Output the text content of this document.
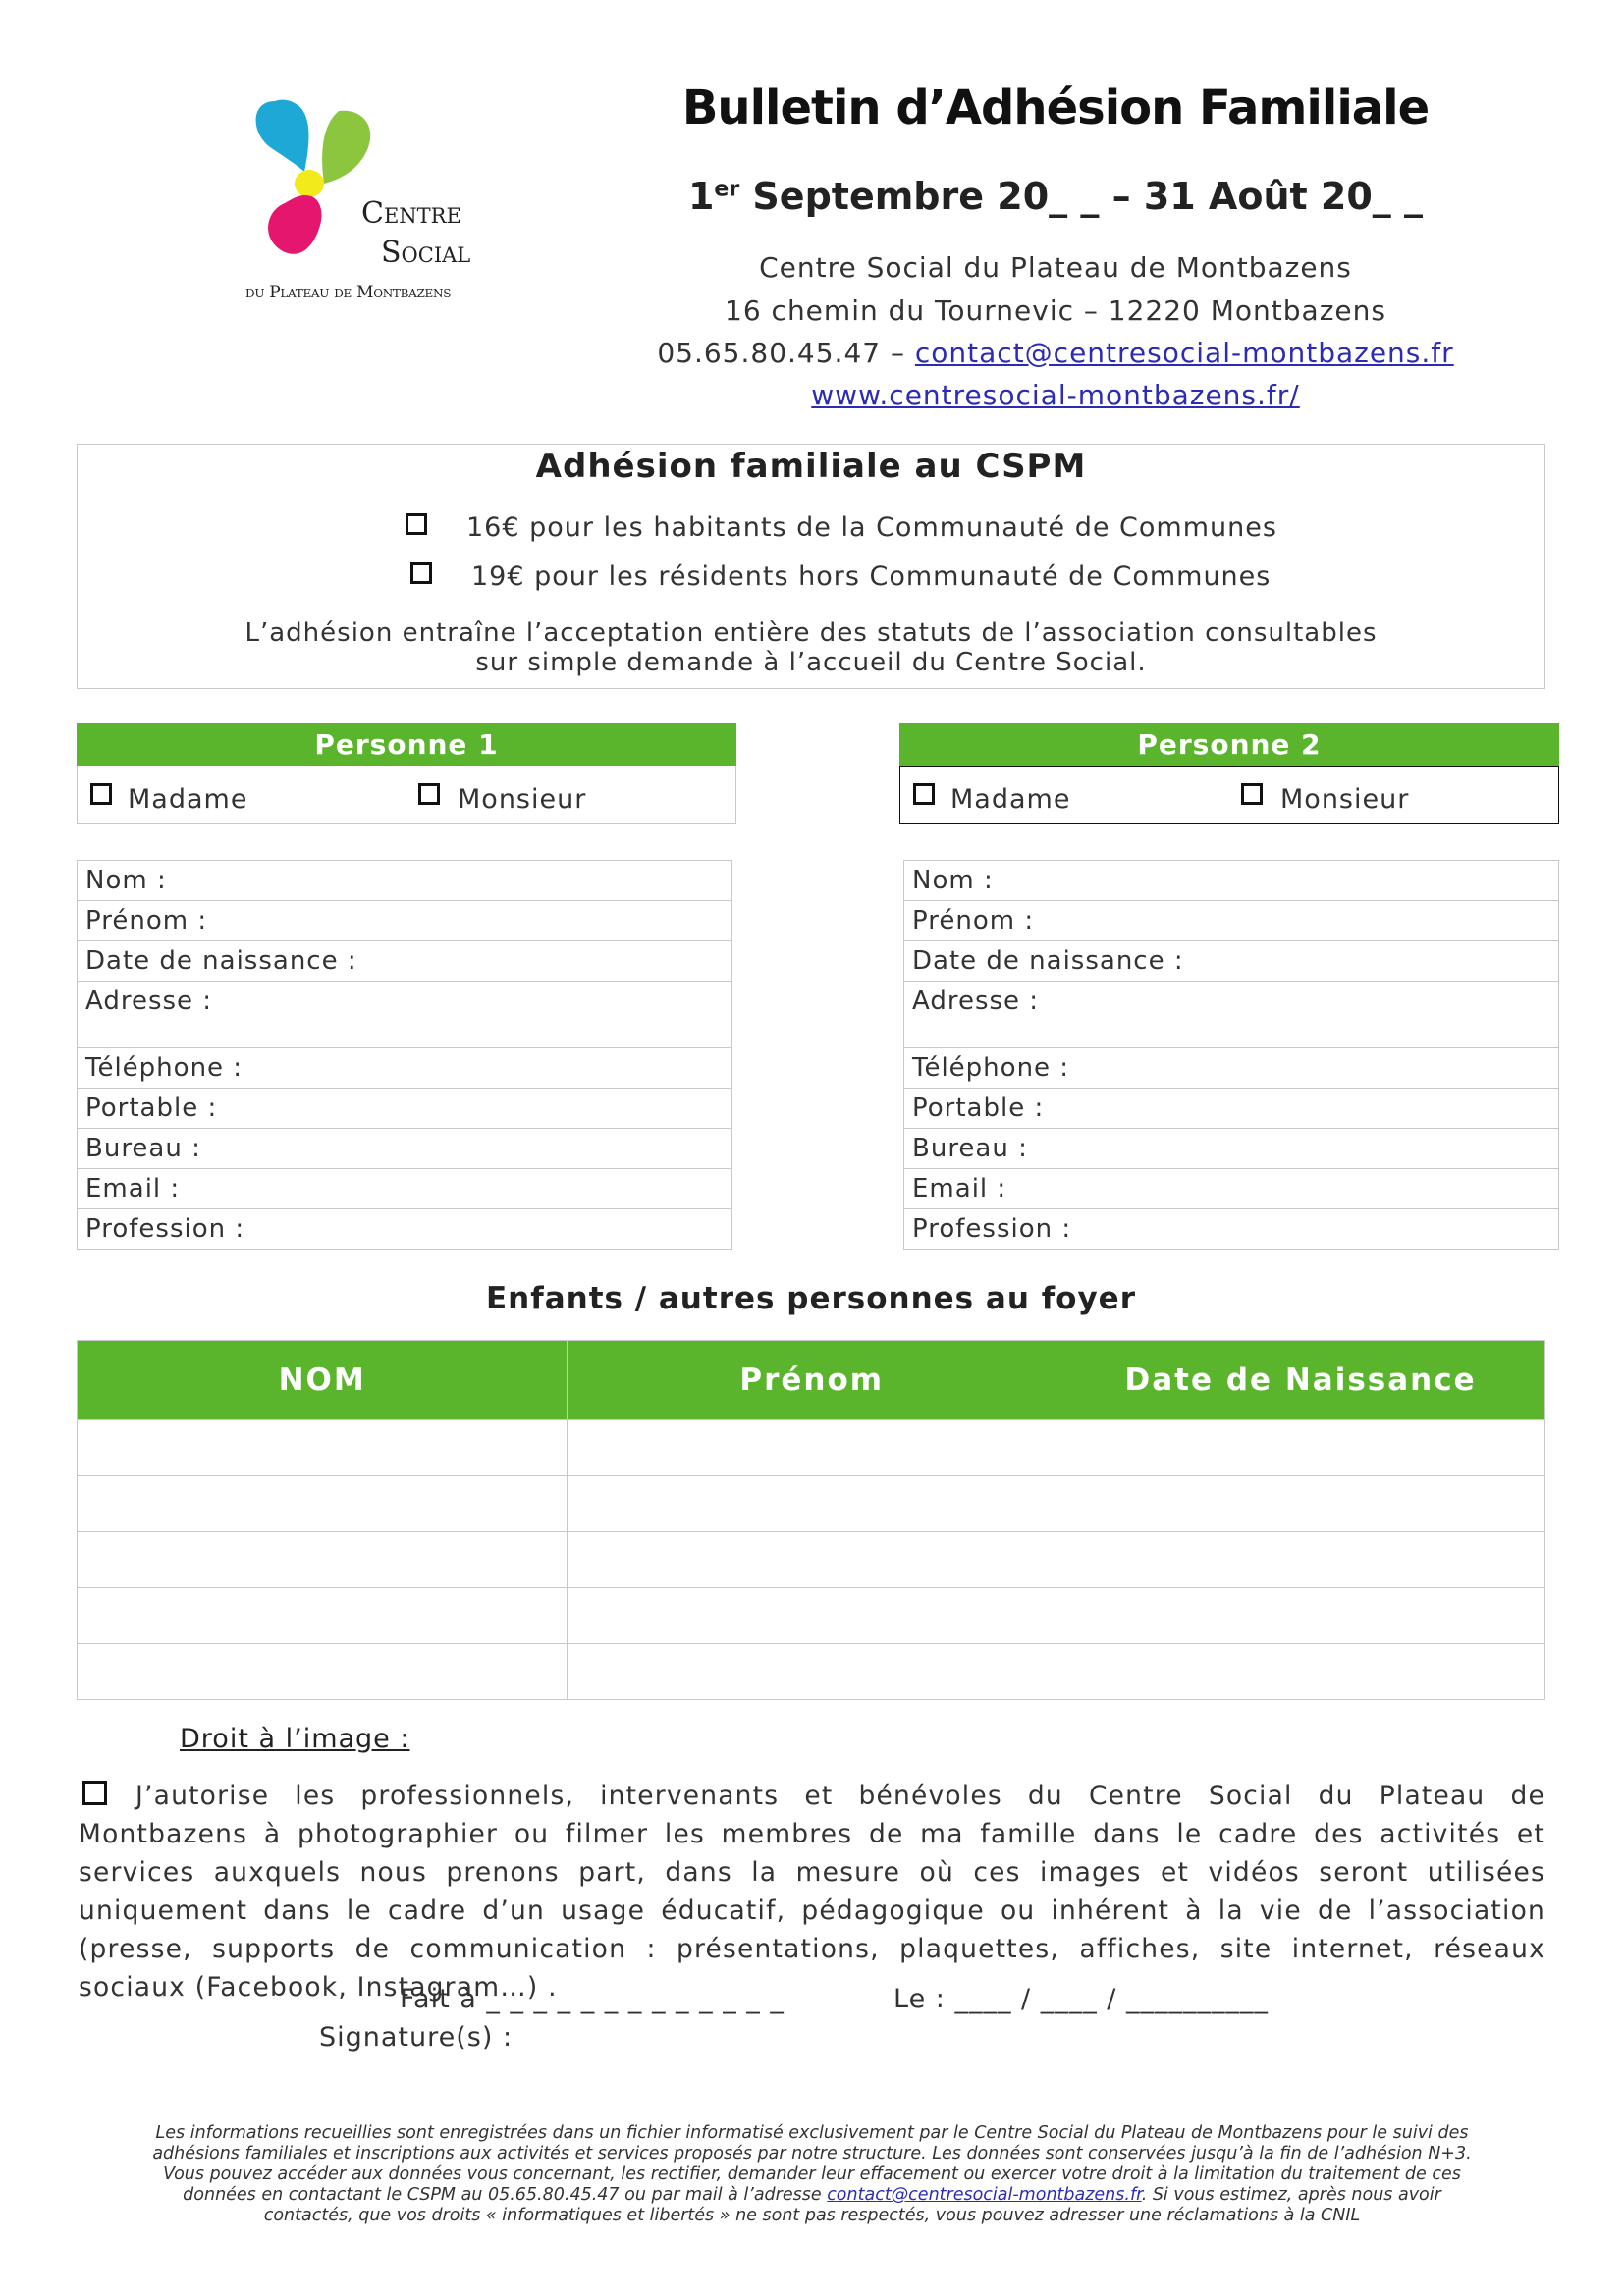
Centre
Social
du Plateau de Montbazens
Bulletin d’Adhésion Familiale
1er Septembre 20_ _ – 31 Août 20_ _
Centre Social du Plateau de Montbazens
16 chemin du Tournevic – 12220 Montbazens
05.65.80.45.47 – contact@centresocial-montbazens.fr
www.centresocial-montbazens.fr/
Adhésion familiale au CSPM
16€ pour les habitants de la Communauté de Communes
19€ pour les résidents hors Communauté de Communes
L’adhésion entraîne l’acceptation entière des statuts de l’association consultables
sur simple demande à l’accueil du Centre Social.
Personne 1
Madame	Monsieur
Personne 2
Madame	Monsieur
Nom :
Prénom :
Date de naissance :
Adresse :
Téléphone :
Portable :
Bureau :
Email :
Profession :
Nom :
Prénom :
Date de naissance :
Adresse :
Téléphone :
Portable :
Bureau :
Email :
Profession :
Enfants / autres personnes au foyer
NOM	Prénom	Date de Naissance

Droit à l’image :
J’autorise les professionnels, intervenants et bénévoles du Centre Social du Plateau de Montbazens à photographier ou filmer les membres de ma famille dans le cadre des activités et services auxquels nous prenons part, dans la mesure où ces images et vidéos seront utilisées uniquement dans le cadre d’un usage éducatif, pédagogique ou inhérent à la vie de l’association (presse, supports de communication : présentations, plaquettes, affiches, site internet, réseaux sociaux (Facebook, Instagram…) .
Fait à _ _ _ _ _ _ _ _ _ _ _ _ _	Le : ____ / ____ / __________
Signature(s) :
Les informations recueillies sont enregistrées dans un fichier informatisé exclusivement par le Centre Social du Plateau de Montbazens pour le suivi des
adhésions familiales et inscriptions aux activités et services proposés par notre structure. Les données sont conservées jusqu’à la fin de l’adhésion N+3.
Vous pouvez accéder aux données vous concernant, les rectifier, demander leur effacement ou exercer votre droit à la limitation du traitement de ces
données en contactant le CSPM au 05.65.80.45.47 ou par mail à l’adresse contact@centresocial-montbazens.fr. Si vous estimez, après nous avoir
contactés, que vos droits « informatiques et libertés » ne sont pas respectés, vous pouvez adresser une réclamations à la CNIL
